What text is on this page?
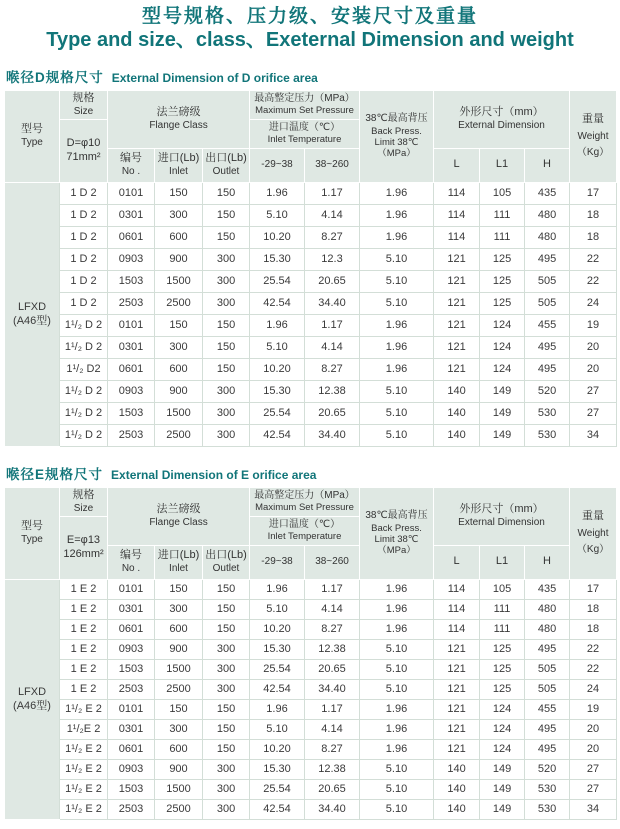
型号规格、压力级、安装尺寸及重量
Type and size、class、Exeternal Dimension and weight
喉径D规格尺寸 External Dimension of D orifice area
型号
Type

规格
Size	法兰磅级
Flange Class

最高整定压力（MPa）
Maximum Set Pressure

38℃最高背压
Back Press.
Limit 38℃
（MPa）

外形尺寸（mm）
External Dimension

重量
Weight
（Kg）

D=φ10
71mm²

进口温度（℃）
Inlet Temperature

编号
No .

进口(Lb)
Inlet

出口(Lb)
Outlet

-29~38	38~260	L	L1	H

LFXD
(A46型)	1 D 2	0101	150	150	1.96	1.17	1.96	114	105	435	17
	1 D 2	0301	300	150	5.10	4.14	1.96	114	111	480	18
	1 D 2	0601	600	150	10.20	8.27	1.96	114	111	480	18
	1 D 2	0903	900	300	15.30	12.3	5.10	121	125	495	22
	1 D 2	1503	1500	300	25.54	20.65	5.10	121	125	505	22
	1 D 2	2503	2500	300	42.54	34.40	5.10	121	125	505	24
	1¹/₂ D 2	0101	150	150	1.96	1.17	1.96	121	124	455	19
	1¹/₂ D 2	0301	300	150	5.10	4.14	1.96	121	124	495	20
	1¹/₂ D2	0601	600	150	10.20	8.27	1.96	121	124	495	20
	1¹/₂ D 2	0903	900	300	15.30	12.38	5.10	140	149	520	27
	1¹/₂ D 2	1503	1500	300	25.54	20.65	5.10	140	149	530	27
	1¹/₂ D 2	2503	2500	300	42.54	34.40	5.10	140	149	530	34
喉径E规格尺寸 External Dimension of E orifice area
型号
Type

规格
Size	法兰磅级
Flange Class

最高整定压力（MPa）
Maximum Set Pressure

38℃最高背压
Back Press.
Limit 38℃
（MPa）

外形尺寸（mm）
External Dimension

重量
Weight
（Kg）

E=φ13
126mm²

进口温度（℃）
Inlet Temperature

编号
No .

进口(Lb)
Inlet

出口(Lb)
Outlet

-29~38	38~260	L	L1	H

LFXD
(A46型)	1 E 2	0101	150	150	1.96	1.17	1.96	114	105	435	17
	1 E 2	0301	300	150	5.10	4.14	1.96	114	111	480	18
	1 E 2	0601	600	150	10.20	8.27	1.96	114	111	480	18
	1 E 2	0903	900	300	15.30	12.38	5.10	121	125	495	22
	1 E 2	1503	1500	300	25.54	20.65	5.10	121	125	505	22
	1 E 2	2503	2500	300	42.54	34.40	5.10	121	125	505	24
	1¹/₂ E 2	0101	150	150	1.96	1.17	1.96	121	124	455	19
	1¹/₂E 2	0301	300	150	5.10	4.14	1.96	121	124	495	20
	1¹/₂ E 2	0601	600	150	10.20	8.27	1.96	121	124	495	20
	1¹/₂ E 2	0903	900	300	15.30	12.38	5.10	140	149	520	27
	1¹/₂ E 2	1503	1500	300	25.54	20.65	5.10	140	149	530	27
	1¹/₂ E 2	2503	2500	300	42.54	34.40	5.10	140	149	530	34
